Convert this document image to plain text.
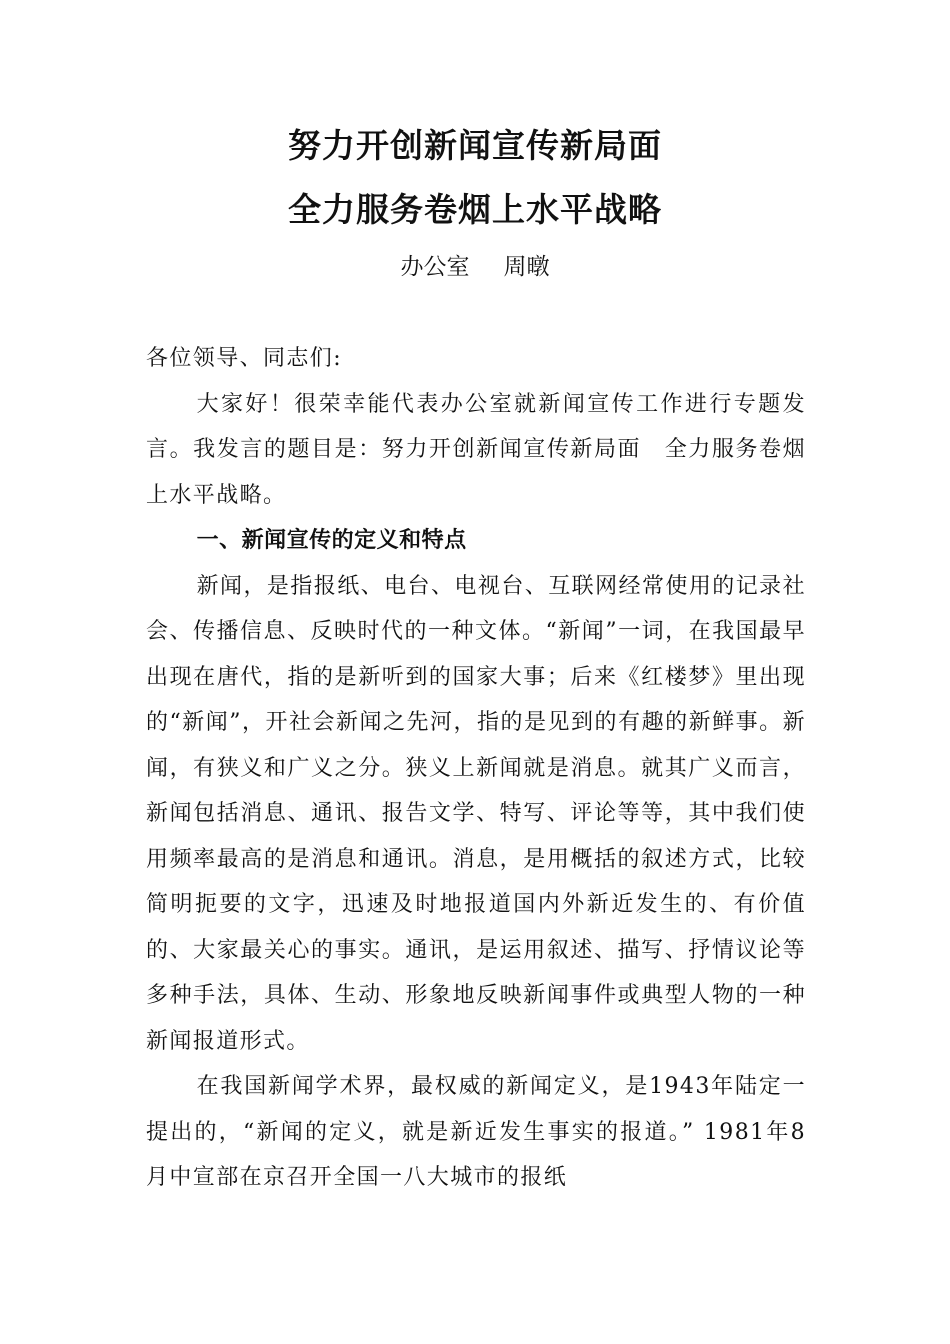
努力开创新闻宣传新局面
全力服务卷烟上水平战略
办公室 周暾

各位领导、同志们:

大家好！很荣幸能代表办公室就新闻宣传工作进行专题发言。我发言的题目是：努力开创新闻宣传新局面　全力服务卷烟上水平战略。

一、新闻宣传的定义和特点

新闻，是指报纸、电台、电视台、互联网经常使用的记录社会、传播信息、反映时代的一种文体。“新闻”一词，在我国最早出现在唐代，指的是新听到的国家大事；后来《红楼梦》里出现的“新闻”，开社会新闻之先河，指的是见到的有趣的新鲜事。新闻，有狭义和广义之分。狭义上新闻就是消息。就其广义而言，新闻包括消息、通讯、报告文学、特写、评论等等，其中我们使用频率最高的是消息和通讯。消息，是用概括的叙述方式，比较简明扼要的文字，迅速及时地报道国内外新近发生的、有价值的、大家最关心的事实。通讯，是运用叙述、描写、抒情议论等多种手法，具体、生动、形象地反映新闻事件或典型人物的一种新闻报道形式。

在我国新闻学术界，最权威的新闻定义，是1943年陆定一提出的，“新闻的定义，就是新近发生事实的报道。” 1981年8月中宣部在京召开全国一八大城市的报纸
